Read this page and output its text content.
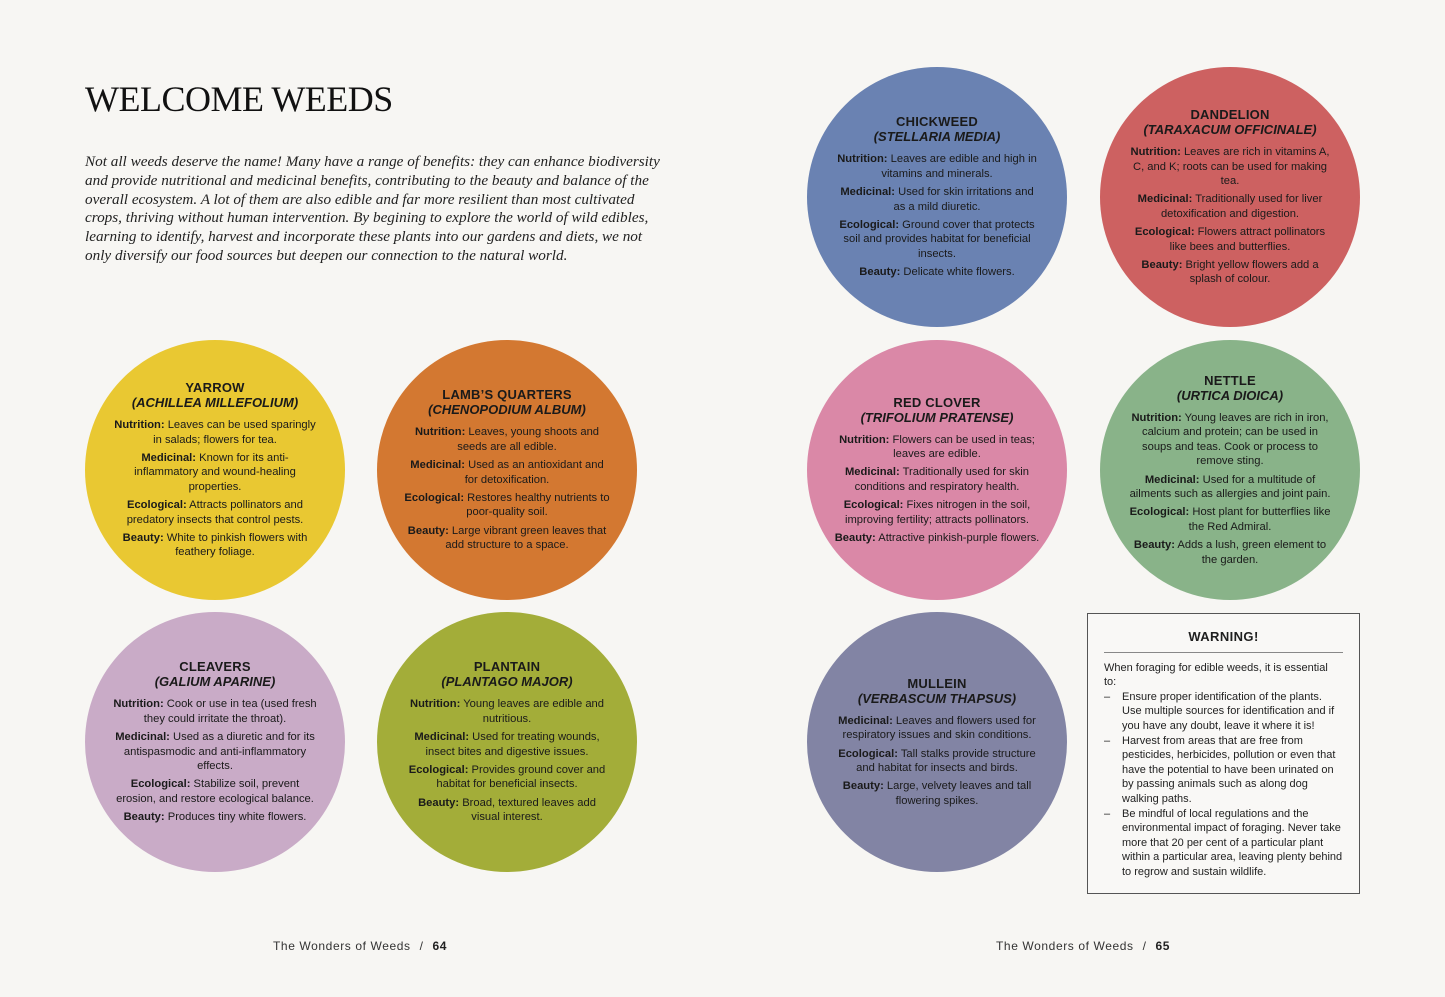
WELCOME WEEDS

Not all weeds deserve the name! Many have a range of benefits: they can enhance biodiversity and provide nutritional and medicinal benefits, contributing to the beauty and balance of the overall ecosystem. A lot of them are also edible and far more resilient than most cultivated crops, thriving without human intervention. By begining to explore the world of wild edibles, learning to identify, harvest and incorporate these plants into our gardens and diets, we not only diversify our food sources but deepen our connection to the natural world.

YARROW
(ACHILLEA MILLEFOLIUM)

Nutrition: Leaves can be used sparingly in salads; flowers for tea.

Medicinal: Known for its anti-inflammatory and wound-healing properties.

Ecological: Attracts pollinators and predatory insects that control pests.

Beauty: White to pinkish flowers with feathery foliage.

LAMB’S QUARTERS
(CHENOPODIUM ALBUM)

Nutrition: Leaves, young shoots and seeds are all edible.

Medicinal: Used as an antioxidant and for detoxification.

Ecological: Restores healthy nutrients to poor-quality soil.

Beauty: Large vibrant green leaves that add structure to a space.

CLEAVERS
(GALIUM APARINE)

Nutrition: Cook or use in tea (used fresh they could irritate the throat).

Medicinal: Used as a diuretic and for its antispasmodic and anti-inflammatory effects.

Ecological: Stabilize soil, prevent erosion, and restore ecological balance.

Beauty: Produces tiny white flowers.

PLANTAIN
(PLANTAGO MAJOR)

Nutrition: Young leaves are edible and nutritious.

Medicinal: Used for treating wounds, insect bites and digestive issues.

Ecological: Provides ground cover and habitat for beneficial insects.

Beauty: Broad, textured leaves add visual interest.

CHICKWEED
(STELLARIA MEDIA)

Nutrition: Leaves are edible and high in vitamins and minerals.

Medicinal: Used for skin irritations and as a mild diuretic.

Ecological: Ground cover that protects soil and provides habitat for beneficial insects.

Beauty: Delicate white flowers.

DANDELION
(TARAXACUM OFFICINALE)

Nutrition: Leaves are rich in vitamins A, C, and K; roots can be used for making tea.

Medicinal: Traditionally used for liver detoxification and digestion.

Ecological: Flowers attract pollinators like bees and butterflies.

Beauty: Bright yellow flowers add a splash of colour.

RED CLOVER
(TRIFOLIUM PRATENSE)

Nutrition: Flowers can be used in teas; leaves are edible.

Medicinal: Traditionally used for skin conditions and respiratory health.

Ecological: Fixes nitrogen in the soil, improving fertility; attracts pollinators.

Beauty: Attractive pinkish-purple flowers.

NETTLE
(URTICA DIOICA)

Nutrition: Young leaves are rich in iron, calcium and protein; can be used in soups and teas. Cook or process to remove sting.

Medicinal: Used for a multitude of ailments such as allergies and joint pain.

Ecological: Host plant for butterflies like the Red Admiral.

Beauty: Adds a lush, green element to the garden.

MULLEIN
(VERBASCUM THAPSUS)

Medicinal: Leaves and flowers used for respiratory issues and skin conditions.

Ecological: Tall stalks provide structure and habitat for insects and birds.

Beauty: Large, velvety leaves and tall flowering spikes.

WARNING!
When foraging for edible weeds, it is essential to:
– Ensure proper identification of the plants. Use multiple sources for identification and if you have any doubt, leave it where it is!
– Harvest from areas that are free from pesticides, herbicides, pollution or even that have the potential to have been urinated on by passing animals such as along dog walking paths.
– Be mindful of local regulations and the environmental impact of foraging. Never take more that 20 per cent of a particular plant within a particular area, leaving plenty behind to regrow and sustain wildlife.
The Wonders of Weeds / 64	The Wonders of Weeds / 65
